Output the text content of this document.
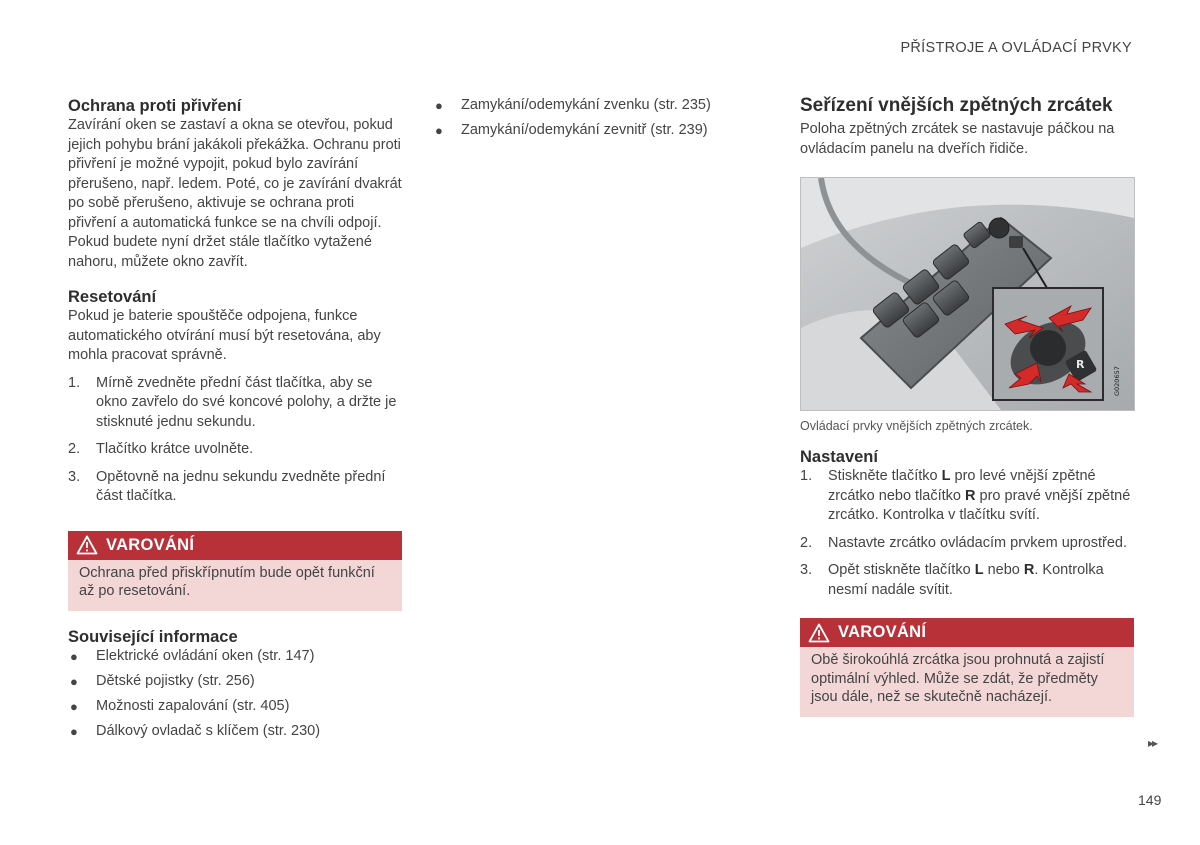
PŘÍSTROJE A OVLÁDACÍ PRVKY
Ochrana proti přivření

Zavírání oken se zastaví a okna se otevřou, pokud jejich pohybu brání jakákoli překážka. Ochranu proti přivření je možné vypojit, pokud bylo zavírání přerušeno, např. ledem. Poté, co je zavírání dvakrát po sobě přerušeno, aktivuje se ochrana proti přivření a automatická funkce se na chvíli odpojí. Pokud budete nyní držet stále tlačítko vytažené nahoru, můžete okno zavřít.

Resetování

Pokud je baterie spouštěče odpojena, funkce automatického otvírání musí být resetována, aby mohla pracovat správně.

1. Mírně zvedněte přední část tlačítka, aby se okno zavřelo do své koncové polohy, a držte je stisknuté jednu sekundu.
2. Tlačítko krátce uvolněte.
3. Opětovně na jednu sekundu zvedněte přední část tlačítka.
VAROVÁNÍ
Ochrana před přiskřípnutím bude opět funkční až po resetování.
Související informace
● Elektrické ovládání oken (str. 147)
● Dětské pojistky (str. 256)
● Možnosti zapalování (str. 405)
● Dálkový ovladač s klíčem (str. 230)
● Zamykání/odemykání zvenku (str. 235)
● Zamykání/odemykání zevnitř (str. 239)
Seřízení vnějších zpětných zrcátek

Poloha zpětných zrcátek se nastavuje páčkou na ovládacím panelu na dveřích řidiče.

R
G020657
Ovládací prvky vnějších zpětných zrcátek.
Nastavení
1. Stiskněte tlačítko L pro levé vnější zpětné zrcátko nebo tlačítko R pro pravé vnější zpětné zrcátko. Kontrolka v tlačítku svítí.
2. Nastavte zrcátko ovládacím prvkem uprostřed.
3. Opět stiskněte tlačítko L nebo R. Kontrolka nesmí nadále svítit.
VAROVÁNÍ
Obě širokoúhlá zrcátka jsou prohnutá a zajistí optimální výhled. Může se zdát, že předměty jsou dále, než se skutečně nacházejí.
▸▸
149
